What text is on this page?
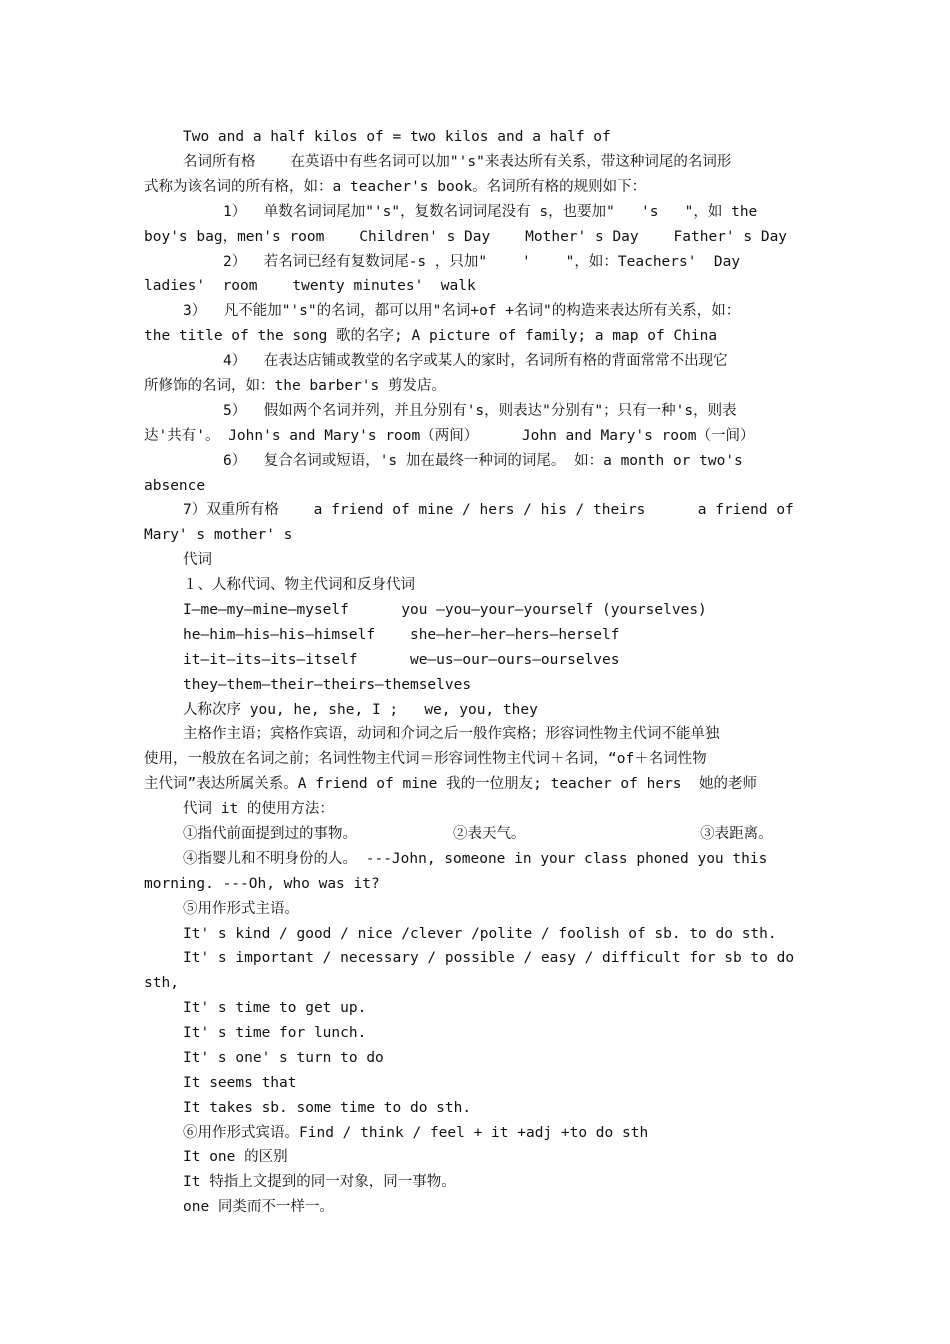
Two and a half kilos of = two kilos and a half of
名词所有格    在英语中有些名词可以加"'s"来表达所有关系，带这种词尾的名词形
式称为该名词的所有格，如：a teacher's book。名词所有格的规则如下：
1）  单数名词词尾加"'s"，复数名词词尾没有 s，也要加"   's   "，如 the
boy's bag，men's room    Children' s Day    Mother' s Day    Father' s Day
2）  若名词已经有复数词尾-s ，只加"    '    "，如：Teachers'  Day
ladies'  room    twenty minutes'  walk
3）  凡不能加"'s"的名词，都可以用"名词+of +名词"的构造来表达所有关系，如：
the title of the song 歌的名字; A picture of family; a map of China
4）  在表达店铺或教堂的名字或某人的家时，名词所有格的背面常常不出现它
所修饰的名词，如：the barber's 剪发店。
5）  假如两个名词并列，并且分别有's，则表达"分别有"；只有一种's，则表
达'共有'。 John's and Mary's room（两间）     John and Mary's room（一间）
6）  复合名词或短语，'s 加在最终一种词的词尾。 如：a month or two's
absence
7）双重所有格    a friend of mine / hers / his / theirs      a friend of
Mary' s mother' s
代词
１、人称代词、物主代词和反身代词
I—me—my—mine—myself      you —you—your—yourself (yourselves)
he—him—his—his—himself    she—her—her—hers—herself
it—it—its—its—itself      we—us—our—ours—ourselves
they—them—their—theirs—themselves
人称次序 you, he, she, I ;   we, you, they
主格作主语；宾格作宾语，动词和介词之后一般作宾格；形容词性物主代词不能单独
使用，一般放在名词之前；名词性物主代词＝形容词性物主代词＋名词，“of＋名词性物
主代词”表达所属关系。A friend of mine 我的一位朋友; teacher of hers  她的老师
代词 it 的使用方法：
①指代前面提到过的事物。           ②表天气。                    ③表距离。
④指婴儿和不明身份的人。 ---John, someone in your class phoned you this
morning. ---Oh, who was it?
⑤用作形式主语。
It' s kind / good / nice /clever /polite / foolish of sb. to do sth.
It' s important / necessary / possible / easy / difficult for sb to do
sth,
It' s time to get up.
It' s time for lunch.
It' s one' s turn to do
It seems that
It takes sb. some time to do sth.
⑥用作形式宾语。Find / think / feel + it +adj +to do sth
It one 的区别
It 特指上文提到的同一对象，同一事物。
one 同类而不一样一。
